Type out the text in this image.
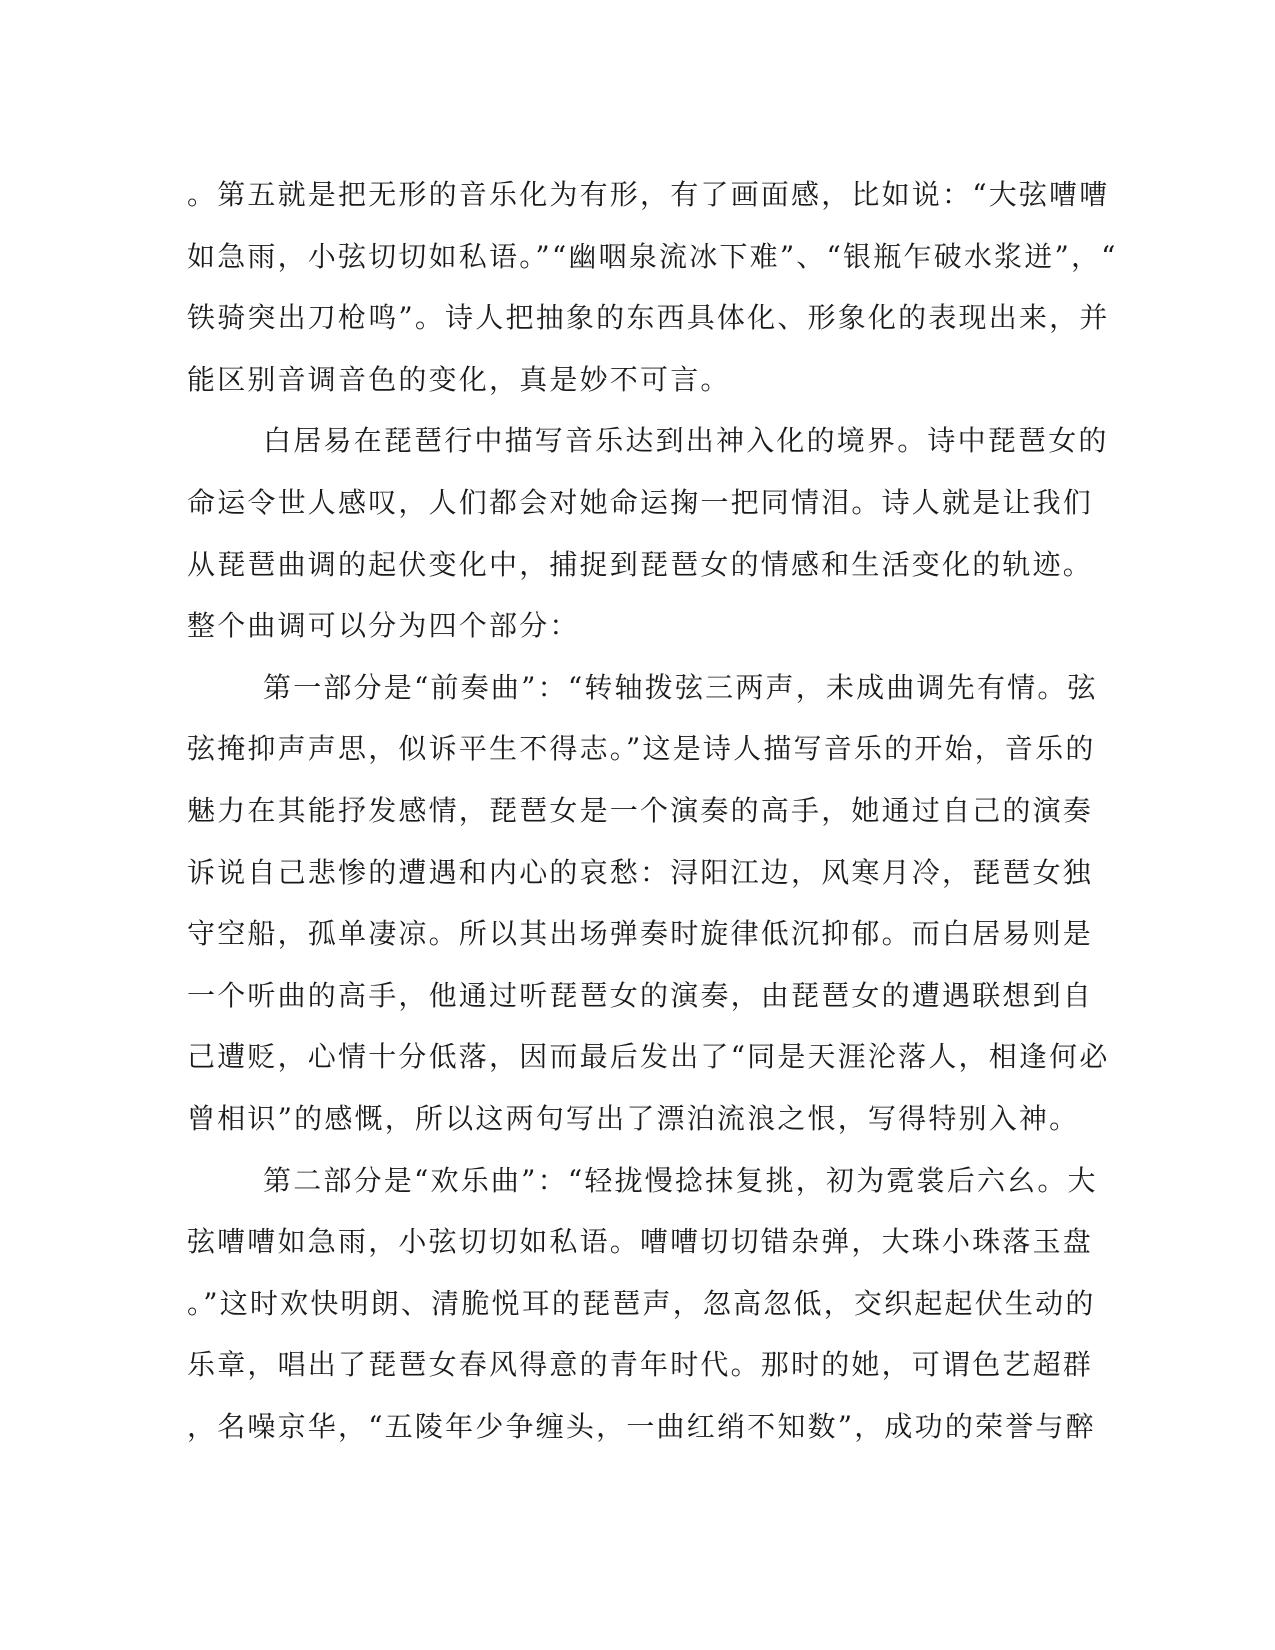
。第五就是把无形的音乐化为有形，有了画面感，比如说：“大弦嘈嘈
如急雨，小弦切切如私语。”“幽咽泉流冰下难”、“银瓶乍破水浆迸”，“
铁骑突出刀枪鸣”。诗人把抽象的东西具体化、形象化的表现出来，并
能区别音调音色的变化，真是妙不可言。
白居易在琵琶行中描写音乐达到出神入化的境界。诗中琵琶女的
命运令世人感叹，人们都会对她命运掬一把同情泪。诗人就是让我们
从琵琶曲调的起伏变化中，捕捉到琵琶女的情感和生活变化的轨迹。
整个曲调可以分为四个部分：
第一部分是“前奏曲”：“转轴拨弦三两声，未成曲调先有情。弦
弦掩抑声声思，似诉平生不得志。”这是诗人描写音乐的开始，音乐的
魅力在其能抒发感情，琵琶女是一个演奏的高手，她通过自己的演奏
诉说自己悲惨的遭遇和内心的哀愁：浔阳江边，风寒月冷，琵琶女独
守空船，孤单凄凉。所以其出场弹奏时旋律低沉抑郁。而白居易则是
一个听曲的高手，他通过听琵琶女的演奏，由琵琶女的遭遇联想到自
己遭贬，心情十分低落，因而最后发出了“同是天涯沦落人，相逢何必
曾相识”的感慨，所以这两句写出了漂泊流浪之恨，写得特别入神。
第二部分是“欢乐曲”：“轻拢慢捻抹复挑，初为霓裳后六幺。大
弦嘈嘈如急雨，小弦切切如私语。嘈嘈切切错杂弹，大珠小珠落玉盘
。”这时欢快明朗、清脆悦耳的琵琶声，忽高忽低，交织起起伏生动的
乐章，唱出了琵琶女春风得意的青年时代。那时的她，可谓色艺超群
，名噪京华，“五陵年少争缠头，一曲红绡不知数”，成功的荣誉与醉
